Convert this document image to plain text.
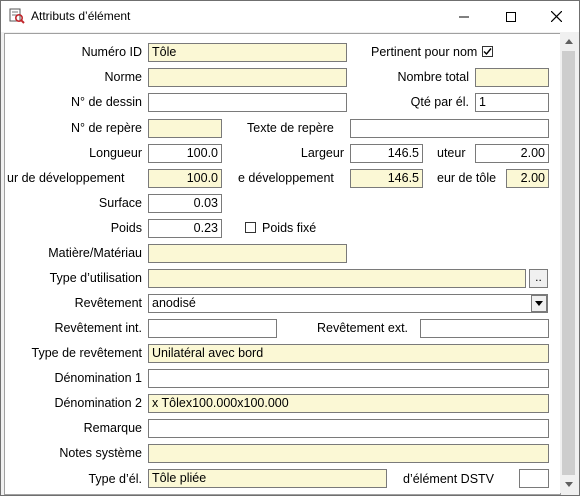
Attributs d’élément
Numéro ID Tôle	Pertinent pour nom
Norme	Nombre total
N° de dessin	Qté par él. 1
N° de repère	Texte de repère
Longueur	100.0	Largeur	146.5	uteur	2.00
ur de développement	100.0	e développement	146.5	eur de tôle	2.00
Surface	0.03
Poids	0.23	Poids fixé
Matière/Matériau
Type d’utilisation	..
Revêtement anodisé
Revêtement int.	Revêtement ext.
Type de revêtement Unilatéral avec bord
Dénomination 1
Dénomination 2 x Tôlex100.000x100.000
Remarque
Notes système
Type d’él. Tôle pliée	d’élément DSTV
